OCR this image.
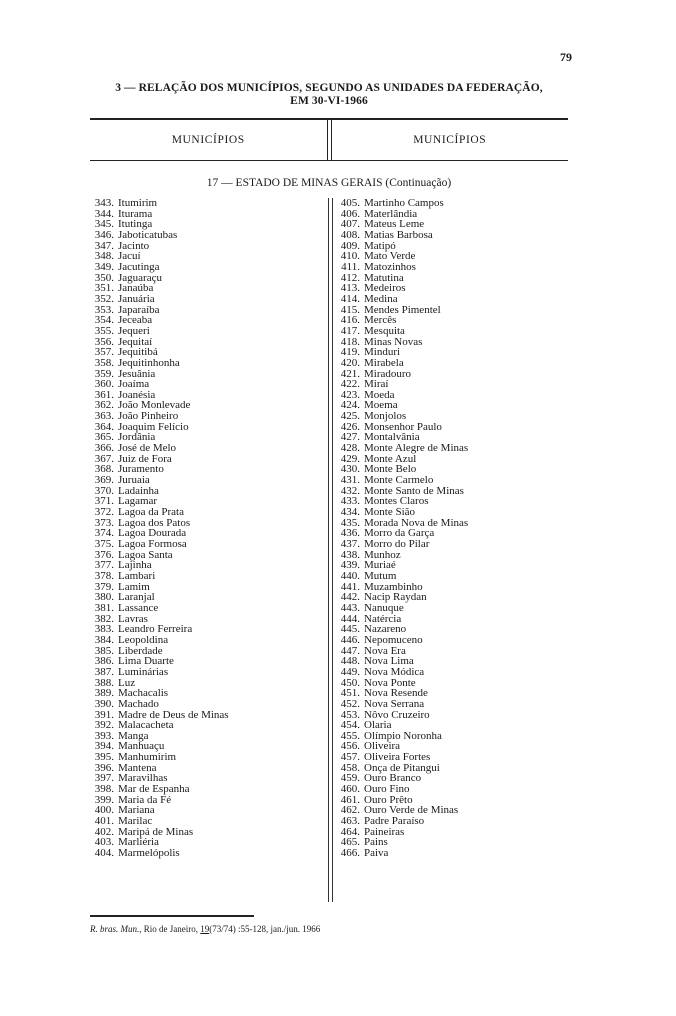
79
3 — RELAÇÃO DOS MUNICÍPIOS, SEGUNDO AS UNIDADES DA FEDERAÇÃO,
EM 30-VI-1966
MUNICÍPIOS	MUNICÍPIOS
17 — ESTADO DE MINAS GERAIS (Continuação)
343. Itumirim
344. Iturama
345. Itutinga
346. Jaboticatubas
347. Jacinto
348. Jacuí
349. Jacutinga
350. Jaguaraçu
351. Janaúba
352. Januária
353. Japaraíba
354. Jeceaba
355. Jequeri
356. Jequitaí
357. Jequitibá
358. Jequitinhonha
359. Jesuânia
360. Joaíma
361. Joanésia
362. João Monlevade
363. João Pinheiro
364. Joaquim Felício
365. Jordânia
366. José de Melo
367. Juiz de Fora
368. Juramento
369. Juruaia
370. Ladainha
371. Lagamar
372. Lagoa da Prata
373. Lagoa dos Patos
374. Lagoa Dourada
375. Lagoa Formosa
376. Lagoa Santa
377. Lajinha
378. Lambari
379. Lamim
380. Laranjal
381. Lassance
382. Lavras
383. Leandro Ferreira
384. Leopoldina
385. Liberdade
386. Lima Duarte
387. Luminárias
388. Luz
389. Machacalis
390. Machado
391. Madre de Deus de Minas
392. Malacacheta
393. Manga
394. Manhuaçu
395. Manhumirim
396. Mantena
397. Maravilhas
398. Mar de Espanha
399. Maria da Fé
400. Mariana
401. Marilac
402. Maripá de Minas
403. Marliéria
404. Marmelópolis
405. Martinho Campos
406. Materlândia
407. Mateus Leme
408. Matias Barbosa
409. Matipó
410. Mato Verde
411. Matozinhos
412. Matutina
413. Medeiros
414. Medina
415. Mendes Pimentel
416. Mercês
417. Mesquita
418. Minas Novas
419. Minduri
420. Mirabela
421. Miradouro
422. Miraí
423. Moeda
424. Moema
425. Monjolos
426. Monsenhor Paulo
427. Montalvânia
428. Monte Alegre de Minas
429. Monte Azul
430. Monte Belo
431. Monte Carmelo
432. Monte Santo de Minas
433. Montes Claros
434. Monte Sião
435. Morada Nova de Minas
436. Morro da Garça
437. Morro do Pilar
438. Munhoz
439. Muriaé
440. Mutum
441. Muzambinho
442. Nacip Raydan
443. Nanuque
444. Natércia
445. Nazareno
446. Nepomuceno
447. Nova Era
448. Nova Lima
449. Nova Módica
450. Nova Ponte
451. Nova Resende
452. Nova Serrana
453. Nôvo Cruzeiro
454. Olaria
455. Olímpio Noronha
456. Oliveira
457. Oliveira Fortes
458. Onça de Pitangui
459. Ouro Branco
460. Ouro Fino
461. Ouro Prêto
462. Ouro Verde de Minas
463. Padre Paraíso
464. Paineiras
465. Pains
466. Paiva
R. bras. Mun., Rio de Janeiro, 19(73/74) :55-128, jan./jun. 1966
